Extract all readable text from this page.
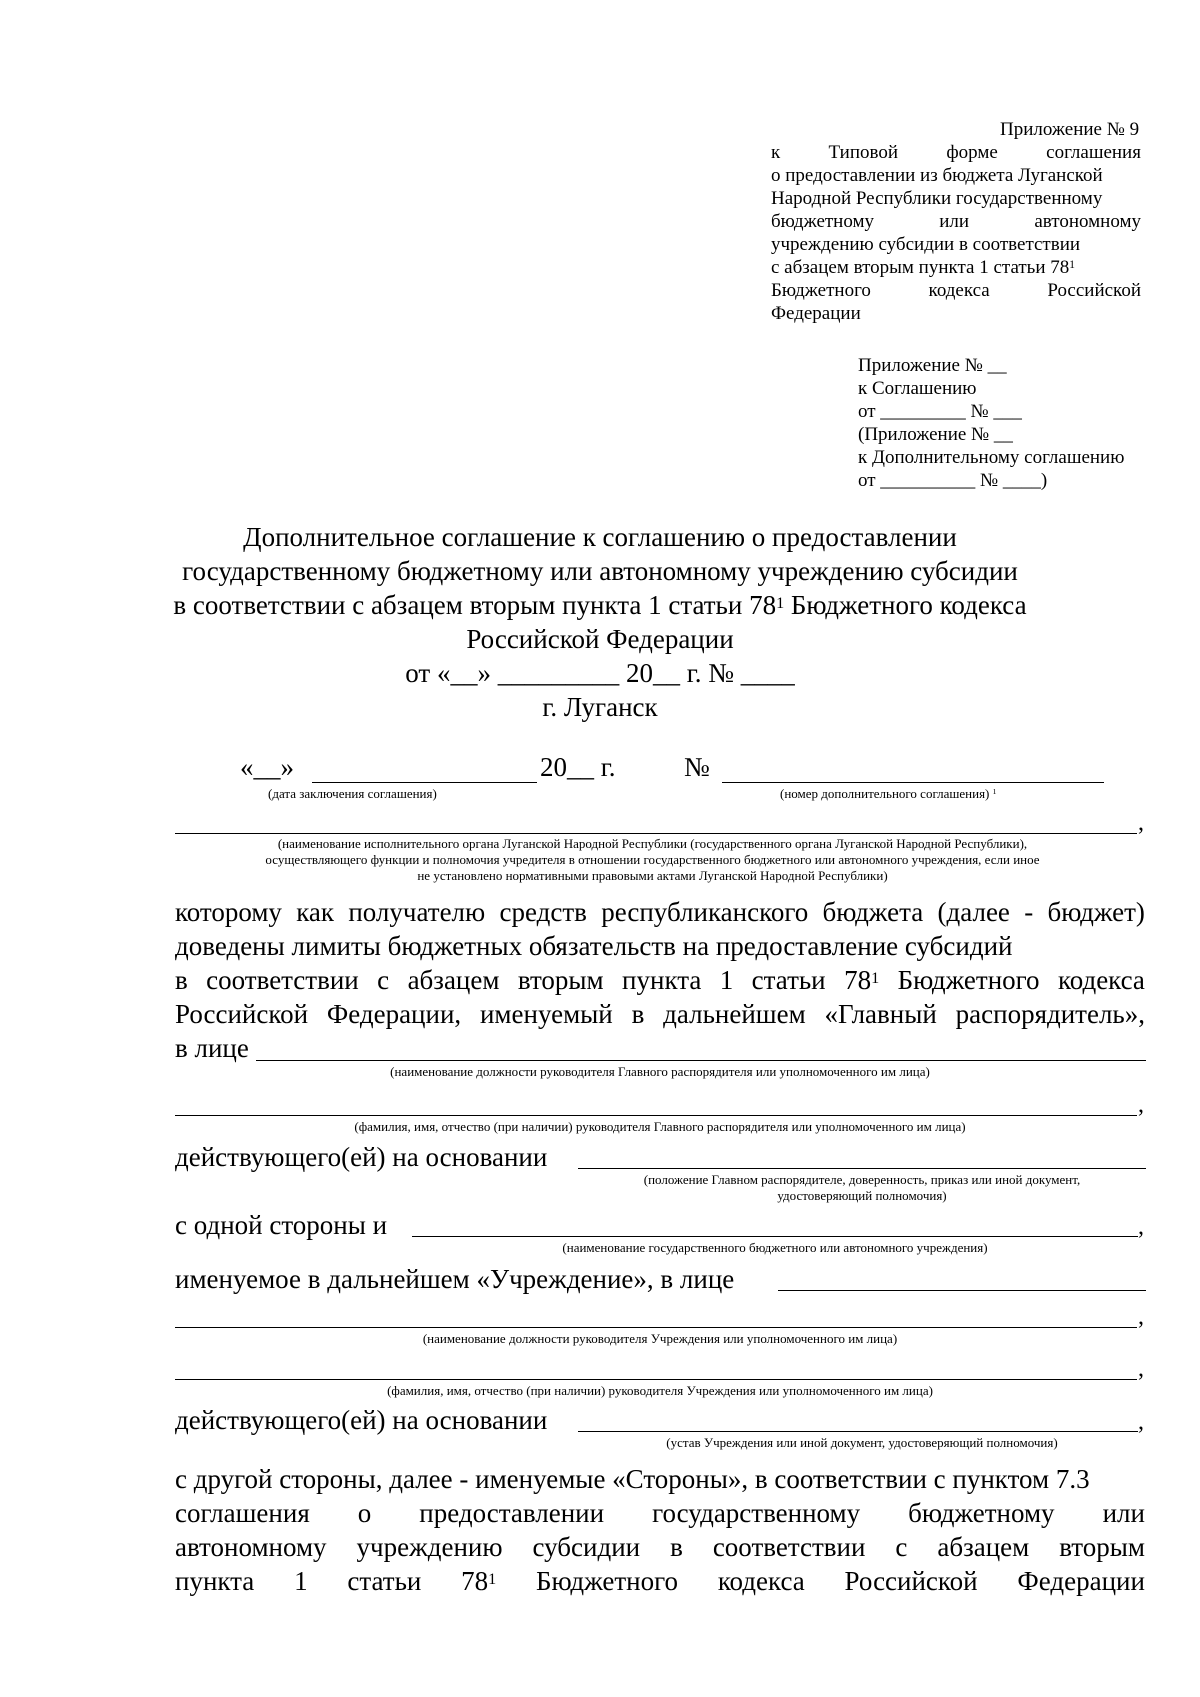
Приложение № 9
к	Типовой	форме	соглашения
о предоставлении из бюджета Луганской
Народной Республики государственному
бюджетному	или	автономному
учреждению субсидии в соответствии
с абзацем вторым пункта 1 статьи $78^1$
Бюджетного	кодекса	Российской
Федерации
Приложение № __
к Соглашению
от _________ № ___
(Приложение № __
к Дополнительному соглашению
от __________ № ____)
Дополнительное соглашение к соглашению о предоставлении
государственному бюджетному или автономному учреждению субсидии
в соответствии с абзацем вторым пункта 1 статьи $78^1$ Бюджетного кодекса
Российской Федерации
от «__» _________ 20__ г. № ____
г. Луганск
«__»	20__ г.	№
(дата заключения соглашения)	(номер дополнительного соглашения) $^1$
,
(наименование исполнительного органа Луганской Народной Республики (государственного органа Луганской Народной Республики),
осуществляющего функции и полномочия учредителя в отношении государственного бюджетного или автономного учреждения, если иное
не установлено нормативными правовыми актами Луганской Народной Республики)
которому как получателю средств республиканского бюджета (далее - бюджет)
доведены лимиты бюджетных обязательств на предоставление субсидий
в соответствии с абзацем вторым пункта 1 статьи $78^1$ Бюджетного кодекса
Российской Федерации, именуемый в дальнейшем «Главный распорядитель»,
в лице
(наименование должности руководителя Главного распорядителя или уполномоченного им лица)
,
(фамилия, имя, отчество (при наличии) руководителя Главного распорядителя или уполномоченного им лица)
действующего(ей) на основании
(положение Главном распорядителе, доверенность, приказ или иной документ,
удостоверяющий полномочия)
с одной стороны и	,
(наименование государственного бюджетного или автономного учреждения)
именуемое в дальнейшем «Учреждение», в лице
,
(наименование должности руководителя Учреждения или уполномоченного им лица)
,
(фамилия, имя, отчество (при наличии) руководителя Учреждения или уполномоченного им лица)
действующего(ей) на основании	,
(устав Учреждения или иной документ, удостоверяющий полномочия)
с другой стороны, далее - именуемые «Стороны», в соответствии с пунктом 7.3
соглашения о предоставлении государственному бюджетному или
автономному учреждению субсидии в соответствии с абзацем вторым
пункта 1 статьи $78^1$ Бюджетного кодекса Российской Федерации
